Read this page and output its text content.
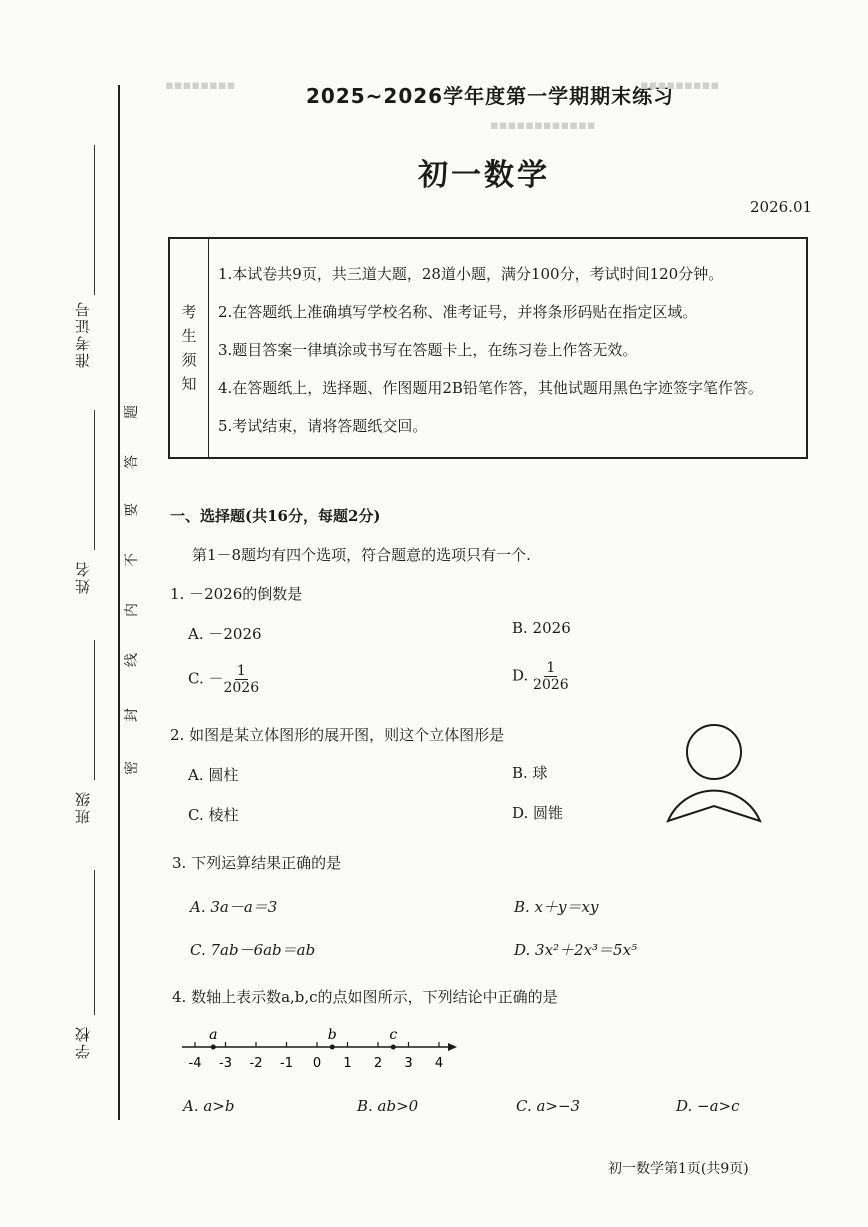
准考证号
姓名
班级
学校
题
答
要
不
内
线
封
密
2025~2026学年度第一学期期末练习
初一数学
2026.01
▪▪▪▪▪▪▪▪	▪▪▪▪▪▪▪▪▪
▪▪▪▪▪▪▪▪▪▪▪▪
考
生
须
知
1.本试卷共9页，共三道大题，28道小题，满分100分，考试时间120分钟。
2.在答题纸上准确填写学校名称、准考证号，并将条形码贴在指定区域。
3.题目答案一律填涂或书写在答题卡上，在练习卷上作答无效。
4.在答题纸上，选择题、作图题用2B铅笔作答，其他试题用黑色字迹签字笔作答。
5.考试结束，请将答题纸交回。
一、选择题(共16分，每题2分)
第1－8题均有四个选项，符合题意的选项只有一个.
1. －2026的倒数是
A. －2026	B. 2026
C. － $\frac{1}{2026}$	D. $\frac{1}{2026}$
2. 如图是某立体图形的展开图，则这个立体图形是
A. 圆柱	B. 球
C. 棱柱	D. 圆锥
3. 下列运算结果正确的是
A. 3a－a＝3	B. x＋y＝xy
C. 7ab－6ab＝ab	D. 3x²＋2x³＝5x⁵
4. 数轴上表示数a,b,c的点如图所示，下列结论中正确的是
-4 -3 -2 -1 0 1 2 3 4
a	b	c
A. a>b	B. ab>0	C. a>−3	D. −a>c
初一数学第1页(共9页)
